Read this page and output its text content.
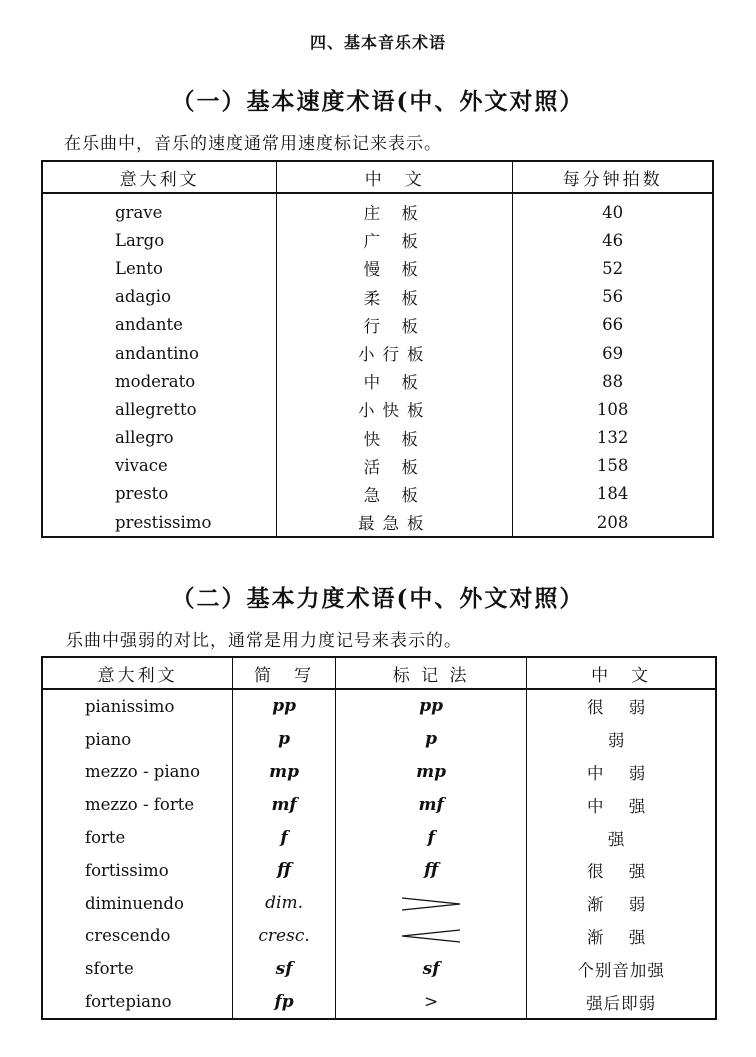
四、基本音乐术语
（一）基本速度术语(中、外文对照）
在乐曲中，音乐的速度通常用速度标记来表示。
意大利文	中　文	每分钟拍数
grave	庄 板	40
Largo	广 板	46
Lento	慢 板	52
adagio	柔 板	56
andante	行 板	66
andantino	小行板	69
moderato	中 板	88
allegretto	小快板	108
allegro	快 板	132
vivace	活 板	158
presto	急 板	184
prestissimo	最急板	208
（二）基本力度术语(中、外文对照）
乐曲中强弱的对比，通常是用力度记号来表示的。
意大利文	简　写	标 记 法	中　文
pianissimo	pp	pp	很 弱
piano	p	p	弱
mezzo - piano	mp	mp	中 弱
mezzo - forte	mf	mf	中 强
forte	f	f	强
fortissimo	ff	ff	很 强
diminuendo	dim.		渐 弱
crescendo	cresc.		渐 强
sforte	sf	sf	个别音加强
fortepiano	fp	>	强后即弱
